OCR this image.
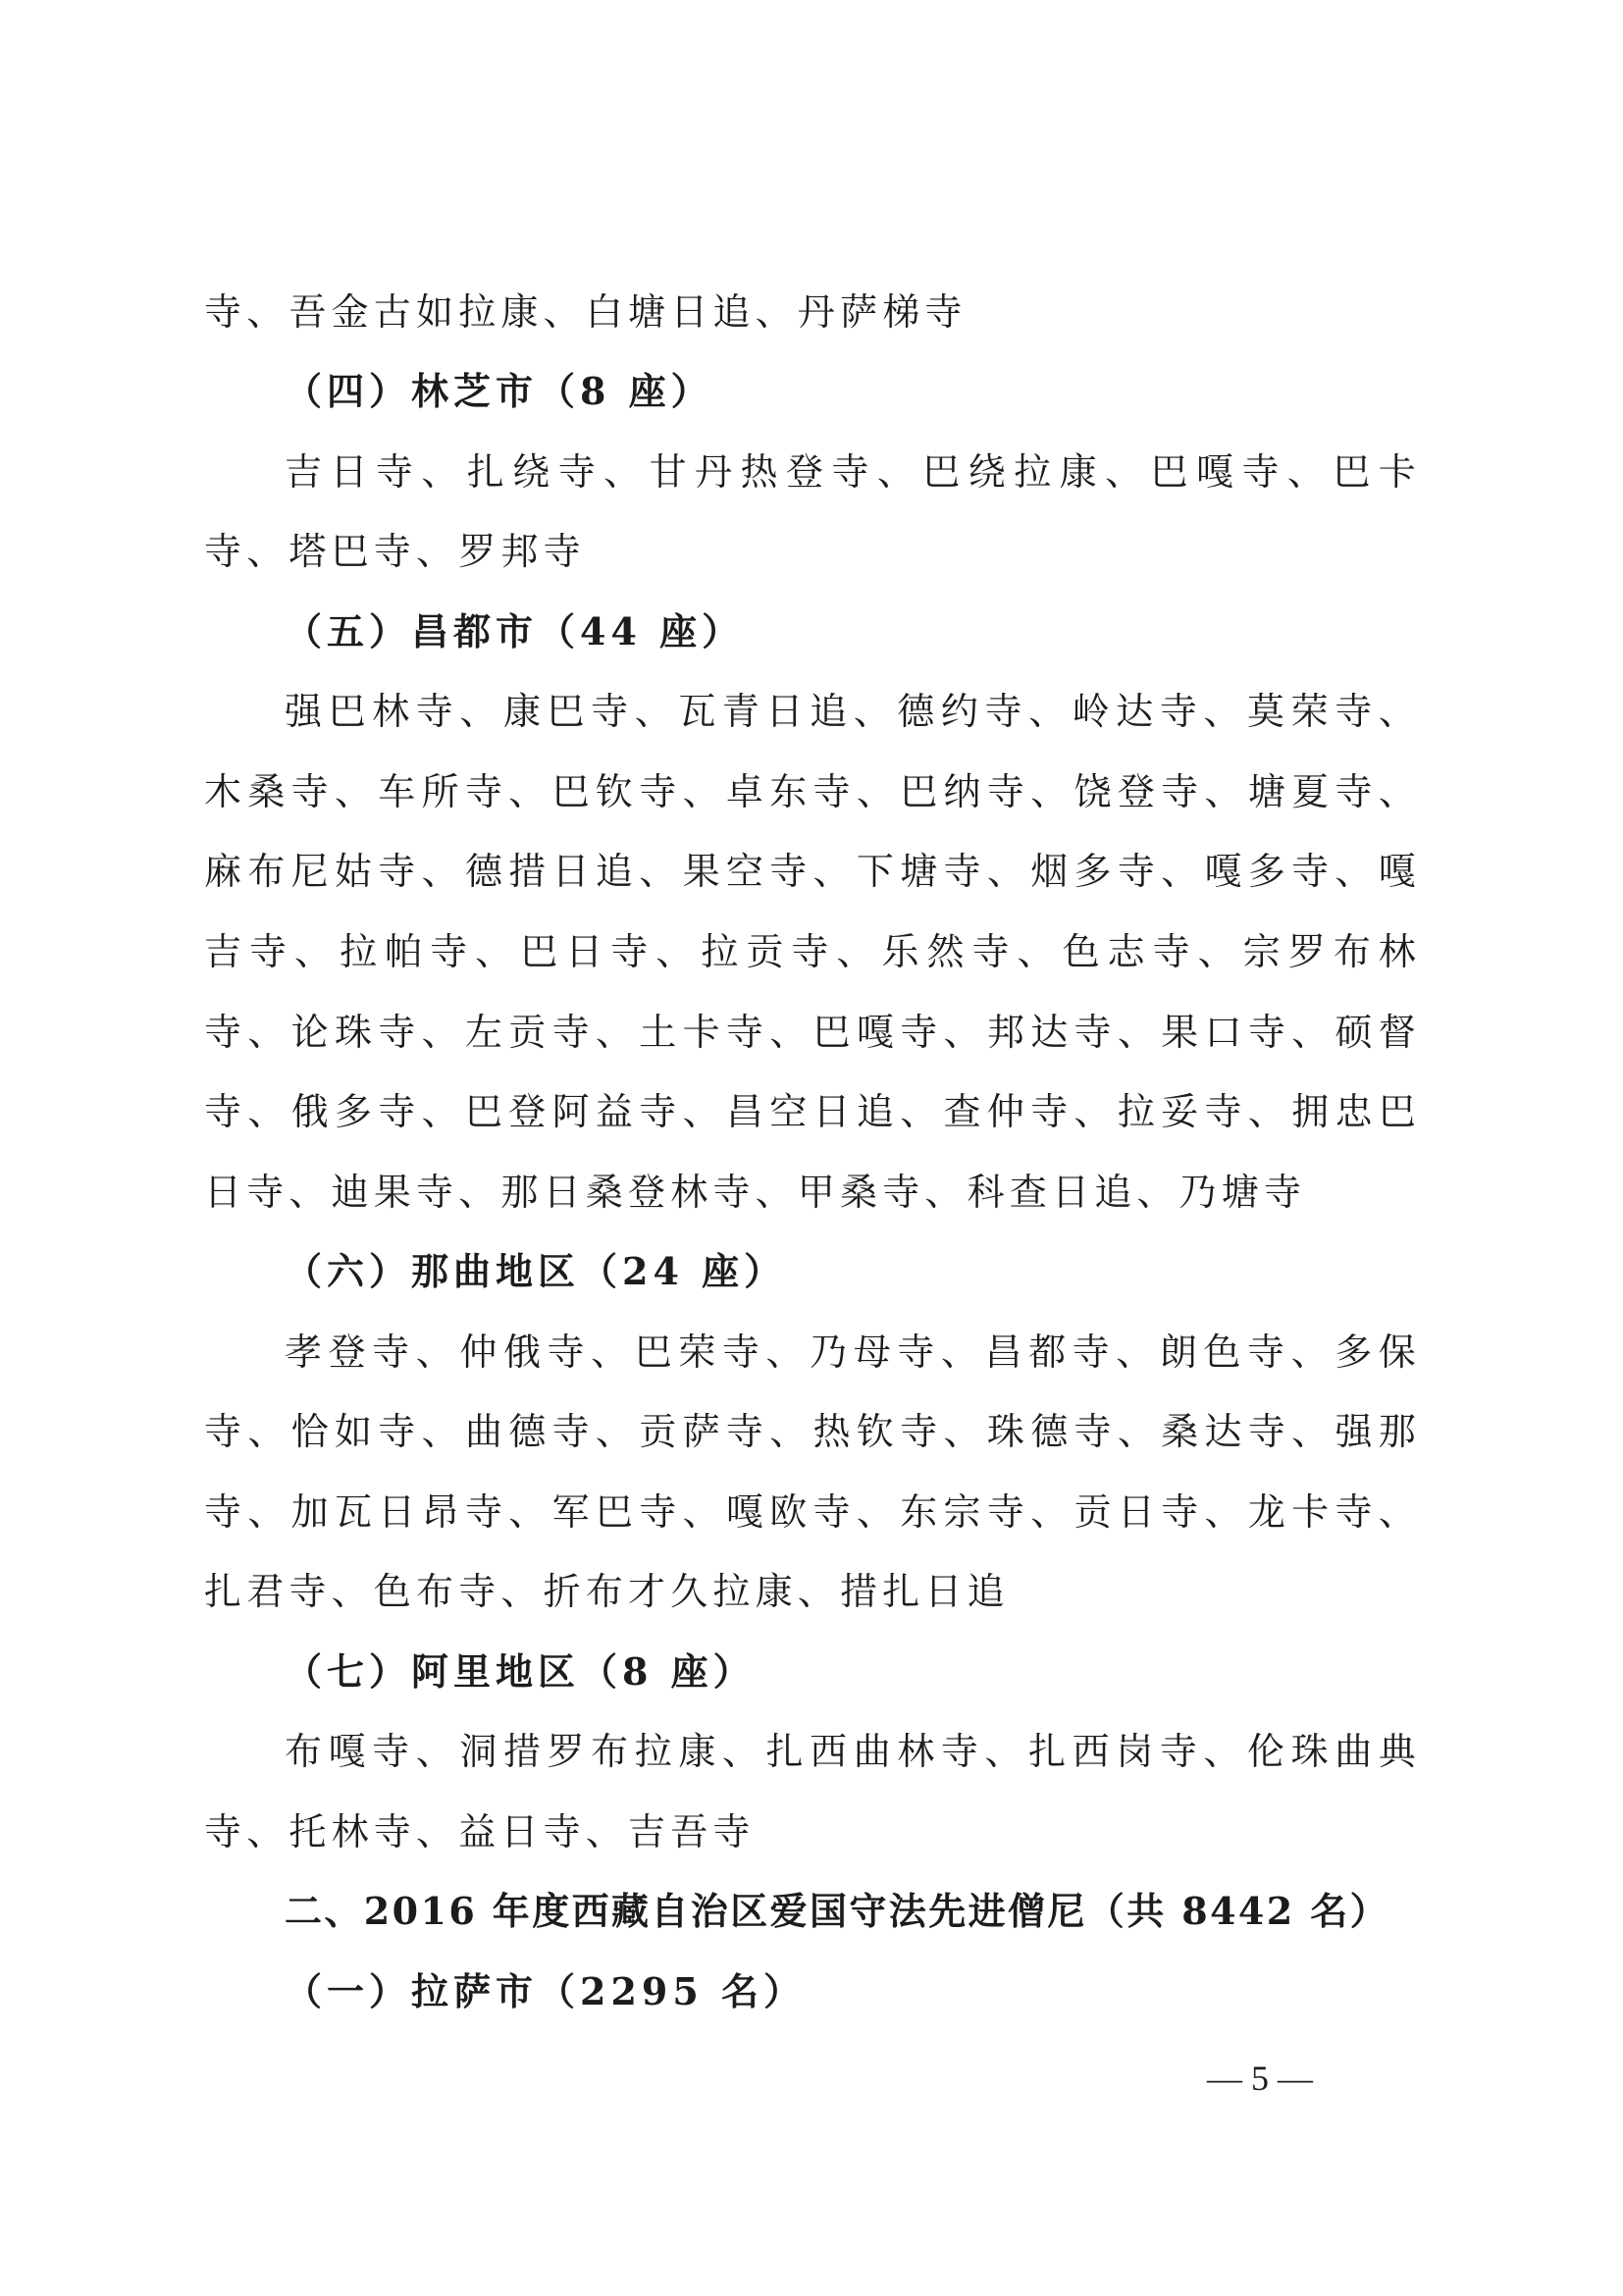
寺、吾金古如拉康、白塘日追、丹萨梯寺
（四）林芝市（8 座）
吉日寺、扎绕寺、甘丹热登寺、巴绕拉康、巴嘎寺、巴卡
寺、塔巴寺、罗邦寺
（五）昌都市（44 座）
强巴林寺、康巴寺、瓦青日追、德约寺、岭达寺、莫荣寺、
木桑寺、车所寺、巴钦寺、卓东寺、巴纳寺、饶登寺、塘夏寺、
麻布尼姑寺、德措日追、果空寺、下塘寺、烟多寺、嘎多寺、嘎
吉寺、拉帕寺、巴日寺、拉贡寺、乐然寺、色志寺、宗罗布林
寺、论珠寺、左贡寺、土卡寺、巴嘎寺、邦达寺、果口寺、硕督
寺、俄多寺、巴登阿益寺、昌空日追、查仲寺、拉妥寺、拥忠巴
日寺、迪果寺、那日桑登林寺、甲桑寺、科查日追、乃塘寺
（六）那曲地区（24 座）
孝登寺、仲俄寺、巴荣寺、乃母寺、昌都寺、朗色寺、多保
寺、恰如寺、曲德寺、贡萨寺、热钦寺、珠德寺、桑达寺、强那
寺、加瓦日昂寺、军巴寺、嘎欧寺、东宗寺、贡日寺、龙卡寺、
扎君寺、色布寺、折布才久拉康、措扎日追
（七）阿里地区（8 座）
布嘎寺、洞措罗布拉康、扎西曲林寺、扎西岗寺、伦珠曲典
寺、托林寺、益日寺、吉吾寺
二、2016 年度西藏自治区爱国守法先进僧尼（共 8442 名）
（一）拉萨市（2295 名）
— 5 —
